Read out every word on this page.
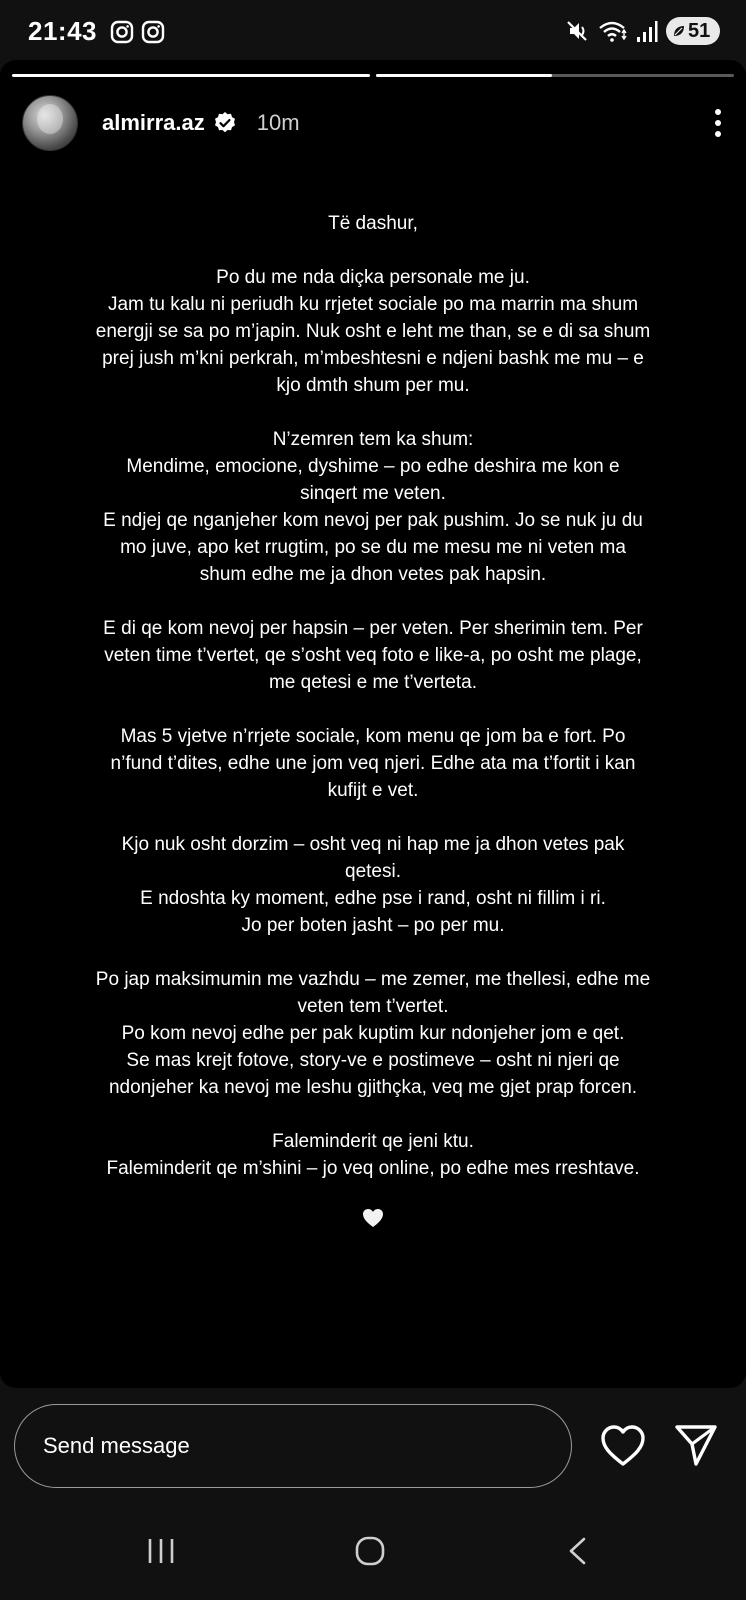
21:43	51
almirra.az 10m

Të dashur,

Po du me nda diçka personale me ju.
Jam tu kalu ni periudh ku rrjetet sociale po ma marrin ma shum
energji se sa po m’japin. Nuk osht e leht me than, se e di sa shum
prej jush m’kni perkrah, m’mbeshtesni e ndjeni bashk me mu – e
kjo dmth shum per mu.

N’zemren tem ka shum:
Mendime, emocione, dyshime – po edhe deshira me kon e
sinqert me veten.
E ndjej qe nganjeher kom nevoj per pak pushim. Jo se nuk ju du
mo juve, apo ket rrugtim, po se du me mesu me ni veten ma
shum edhe me ja dhon vetes pak hapsin.

E di qe kom nevoj per hapsin – per veten. Per sherimin tem. Per
veten time t’vertet, qe s’osht veq foto e like-a, po osht me plage,
me qetesi e me t’verteta.

Mas 5 vjetve n’rrjete sociale, kom menu qe jom ba e fort. Po
n’fund t’dites, edhe une jom veq njeri. Edhe ata ma t’fortit i kan
kufijt e vet.

Kjo nuk osht dorzim – osht veq ni hap me ja dhon vetes pak
qetesi.
E ndoshta ky moment, edhe pse i rand, osht ni fillim i ri.
Jo per boten jasht – po per mu.

Po jap maksimumin me vazhdu – me zemer, me thellesi, edhe me
veten tem t’vertet.
Po kom nevoj edhe per pak kuptim kur ndonjeher jom e qet.
Se mas krejt fotove, story-ve e postimeve – osht ni njeri qe
ndonjeher ka nevoj me leshu gjithçka, veq me gjet prap forcen.

Faleminderit qe jeni ktu.
Faleminderit qe m’shini – jo veq online, po edhe mes rreshtave.

Send message
